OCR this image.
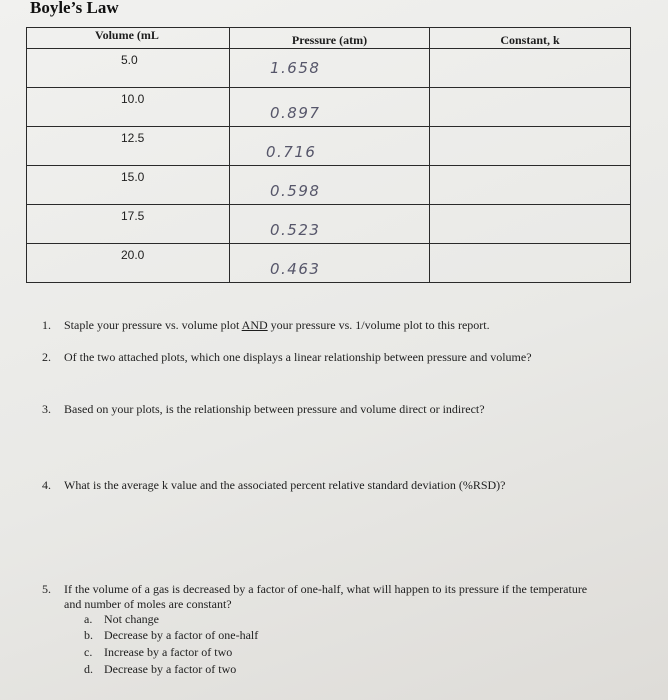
Boyle’s Law
Volume (mL	Pressure (atm)	Constant, k

5.0	1.658	

10.0	0.897	

12.5	0.716	

15.0	0.598	

17.5	0.523	

20.0	0.463	

1. Staple your pressure vs. volume plot AND your pressure vs. 1/volume plot to this report.
2. Of the two attached plots, which one displays a linear relationship between pressure and volume?
3. Based on your plots, is the relationship between pressure and volume direct or indirect?
4. What is the average k value and the associated percent relative standard deviation (%RSD)?
5. If the volume of a gas is decreased by a factor of one-half, what will happen to its pressure if the temperature and number of moles are constant?
a. Not change
b. Decrease by a factor of one-half
c. Increase by a factor of two
d. Decrease by a factor of two
